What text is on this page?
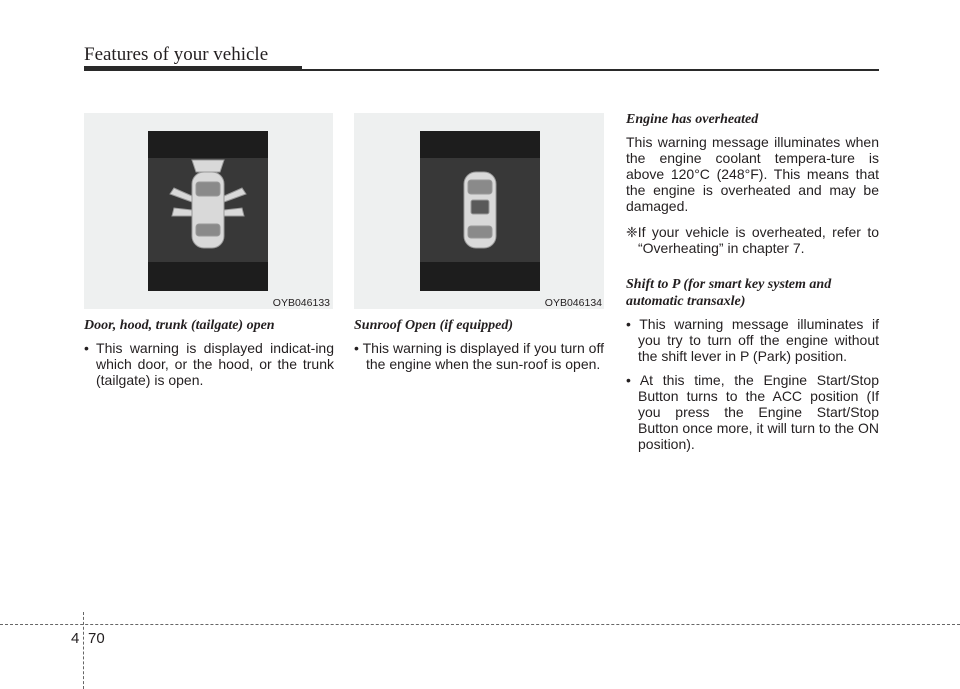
Features of your vehicle
OYB046133	OYB046134

Door, hood, trunk (tailgate) open

• This warning is displayed indicat-ing which door, or the hood, or the trunk (tailgate) is open.

Sunroof Open (if equipped)

• This warning is displayed if you turn off the engine when the sun-roof is open.

Engine has overheated

This warning message illuminates when the engine coolant tempera-ture is above 120°C (248°F). This means that the engine is overheated and may be damaged.

❈If your vehicle is overheated, refer to “Overheating” in chapter 7.

Shift to P (for smart key system and automatic transaxle)

• This warning message illuminates if you try to turn off the engine without the shift lever in P (Park) position.

• At this time, the Engine Start/Stop Button turns to the ACC position (If you press the Engine Start/Stop Button once more, it will turn to the ON position).

4 70
